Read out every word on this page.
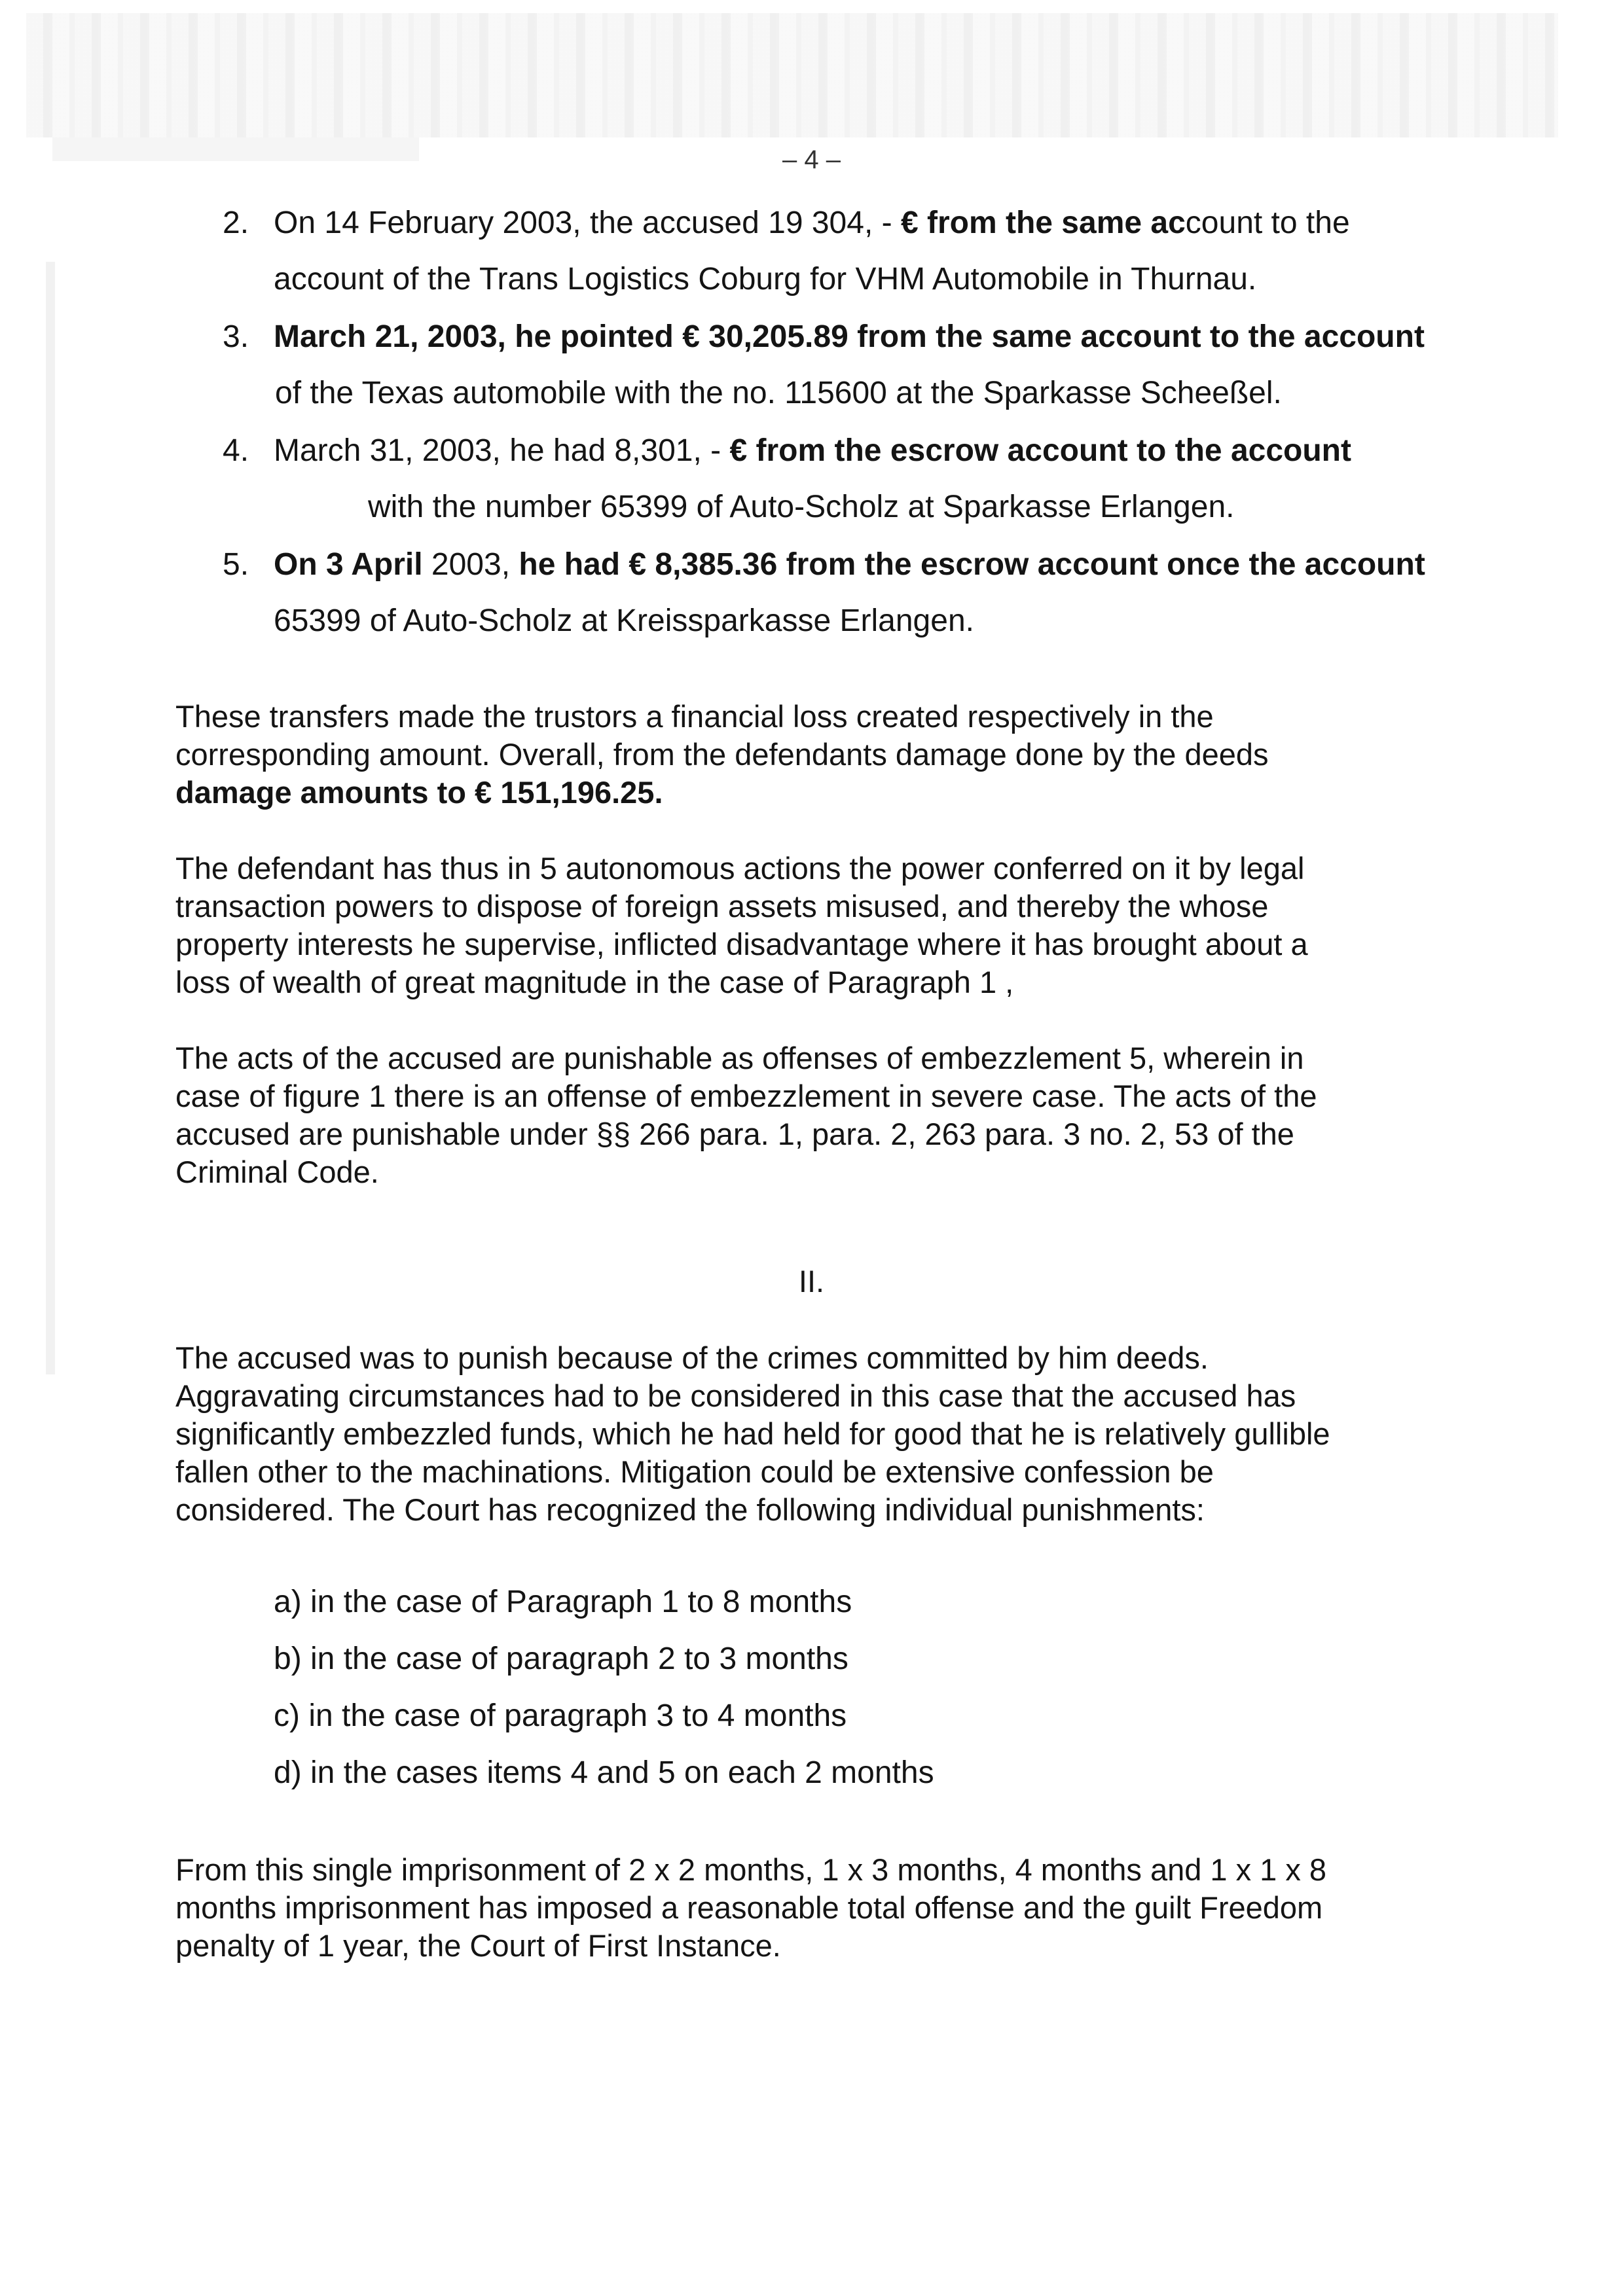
– 4 –
2. On 14 February 2003, the accused 19 304, - € from the same account to the
account of the Trans Logistics Coburg for VHM Automobile in Thurnau.
3. March 21, 2003, he pointed € 30,205.89 from the same account to the account
of the Texas automobile with the no. 115600 at the Sparkasse Scheeßel.
4. March 31, 2003, he had 8,301, - € from the escrow account to the account
with the number 65399 of Auto-Scholz at Sparkasse Erlangen.
5. On 3 April 2003, he had € 8,385.36 from the escrow account once the account
65399 of Auto-Scholz at Kreissparkasse Erlangen.
These transfers made the trustors a financial loss created respectively in the
corresponding amount. Overall, from the defendants damage done by the deeds
damage amounts to € 151,196.25.
The defendant has thus in 5 autonomous actions the power conferred on it by legal
transaction powers to dispose of foreign assets misused, and thereby the whose
property interests he supervise, inflicted disadvantage where it has brought about a
loss of wealth of great magnitude in the case of Paragraph 1 ,
The acts of the accused are punishable as offenses of embezzlement 5, wherein in
case of figure 1 there is an offense of embezzlement in severe case. The acts of the
accused are punishable under §§ 266 para. 1, para. 2, 263 para. 3 no. 2, 53 of the
Criminal Code.
II.
The accused was to punish because of the crimes committed by him deeds.
Aggravating circumstances had to be considered in this case that the accused has
significantly embezzled funds, which he had held for good that he is relatively gullible
fallen other to the machinations. Mitigation could be extensive confession be
considered. The Court has recognized the following individual punishments:
a) in the case of Paragraph 1 to 8 months
b) in the case of paragraph 2 to 3 months
c) in the case of paragraph 3 to 4 months
d) in the cases items 4 and 5 on each 2 months
From this single imprisonment of 2 x 2 months, 1 x 3 months, 4 months and 1 x 1 x 8
months imprisonment has imposed a reasonable total offense and the guilt Freedom
penalty of 1 year, the Court of First Instance.
